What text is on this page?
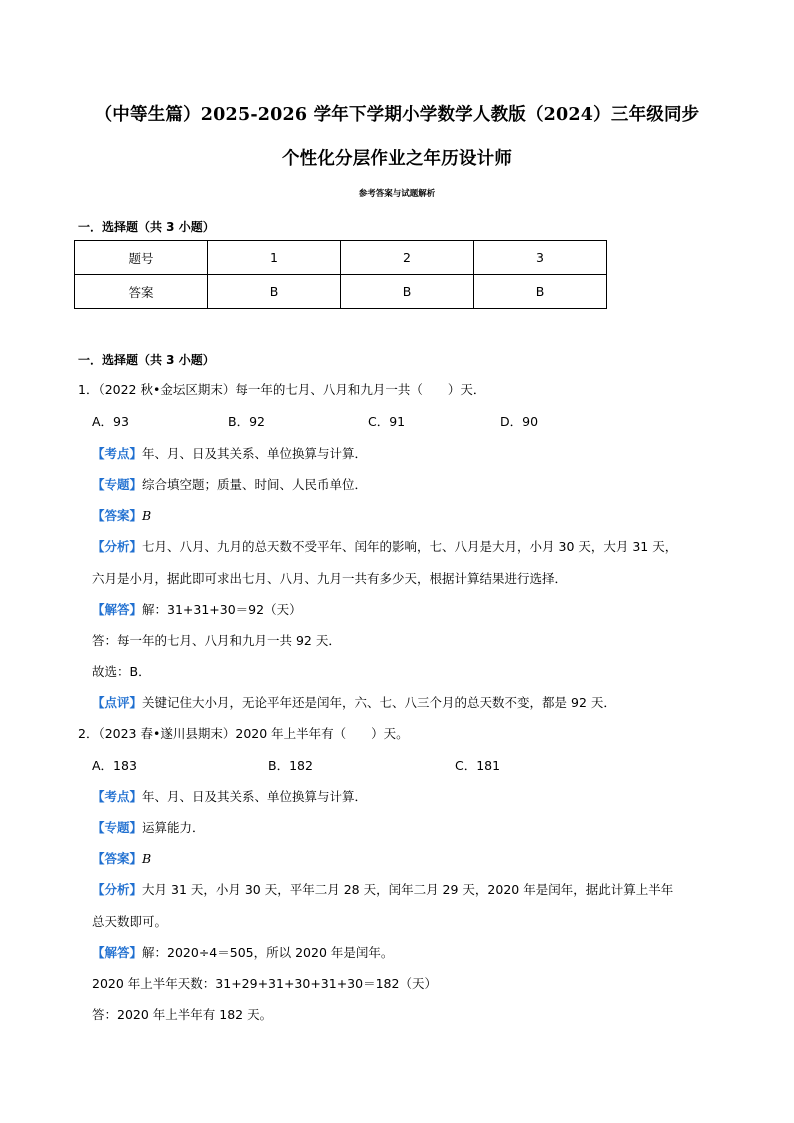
（中等生篇）2025-2026 学年下学期小学数学人教版（2024）三年级同步
个性化分层作业之年历设计师
参考答案与试题解析
一．选择题（共 3 小题）
题号	1	2	3
答案	B	B	B
一．选择题（共 3 小题）
1．（2022 秋•金坛区期末）每一年的七月、八月和九月一共（　　）天．
A．93	B．92	C．91	D．90
【考点】年、月、日及其关系、单位换算与计算．
【专题】综合填空题；质量、时间、人民币单位．
【答案】B
【分析】七月、八月、九月的总天数不受平年、闰年的影响，七、八月是大月，小月 30 天，大月 31 天，
六月是小月，据此即可求出七月、八月、九月一共有多少天，根据计算结果进行选择．
【解答】解：31+31+30＝92（天）
答：每一年的七月、八月和九月一共 92 天．
故选：B．
【点评】关键记住大小月，无论平年还是闰年，六、七、八三个月的总天数不变，都是 92 天．
2．（2023 春•遂川县期末）2020 年上半年有（　　）天。
A．183	B．182	C．181
【考点】年、月、日及其关系、单位换算与计算．
【专题】运算能力．
【答案】B
【分析】大月 31 天，小月 30 天，平年二月 28 天，闰年二月 29 天，2020 年是闰年，据此计算上半年
总天数即可。
【解答】解：2020÷4＝505，所以 2020 年是闰年。
2020 年上半年天数：31+29+31+30+31+30＝182（天）
答：2020 年上半年有 182 天。
